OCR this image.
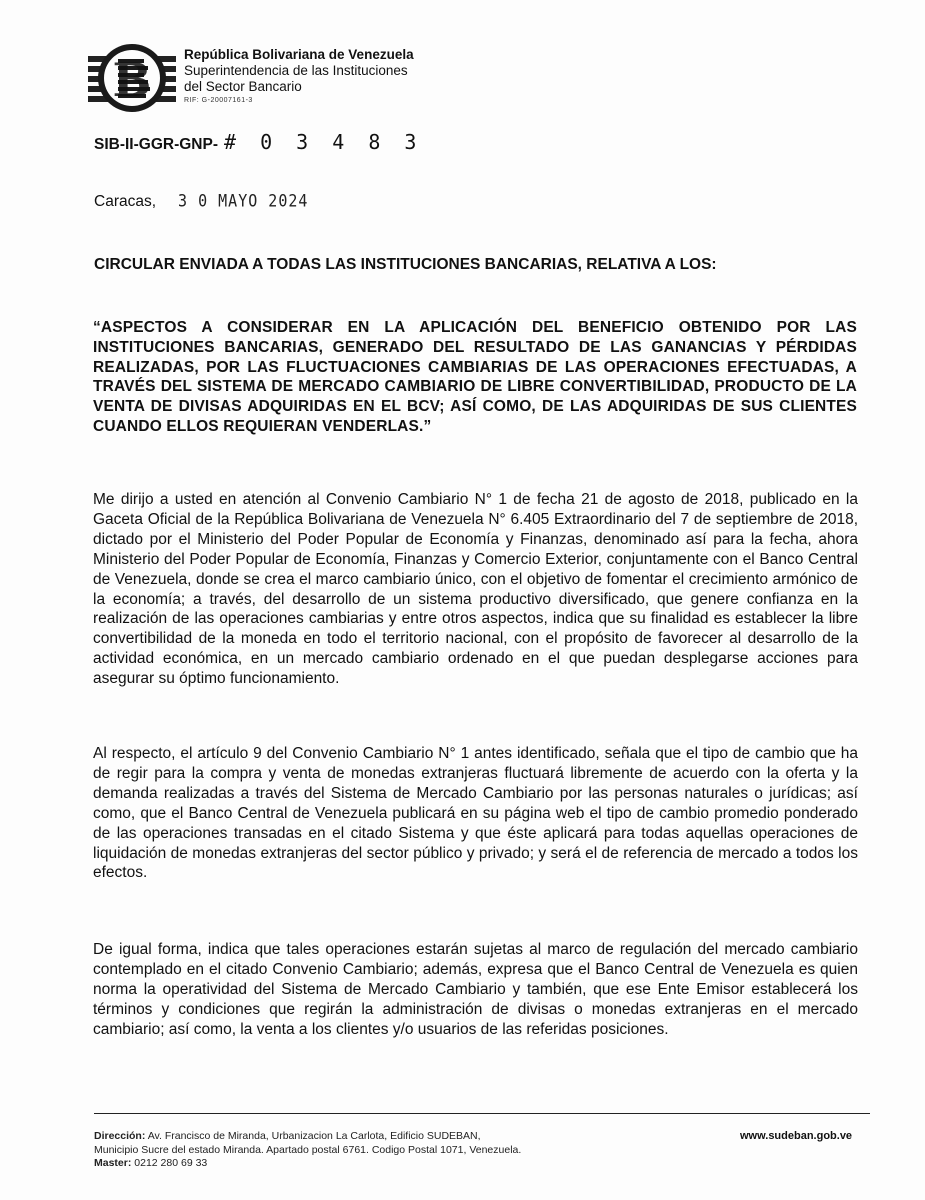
B República Bolivariana de Venezuela
Superintendencia de las Instituciones
del Sector Bancario
RIF: G-20007161-3
SIB-II-GGR-GNP- # 0 3 4 8 3
Caracas, 3 0 MAYO 2024
CIRCULAR ENVIADA A TODAS LAS INSTITUCIONES BANCARIAS, RELATIVA A LOS:
“ASPECTOS A CONSIDERAR EN LA APLICACIÓN DEL BENEFICIO OBTENIDO POR LAS INSTITUCIONES BANCARIAS, GENERADO DEL RESULTADO DE LAS GANANCIAS Y PÉRDIDAS REALIZADAS, POR LAS FLUCTUACIONES CAMBIARIAS DE LAS OPERACIONES EFECTUADAS, A TRAVÉS DEL SISTEMA DE MERCADO CAMBIARIO DE LIBRE CONVERTIBILIDAD, PRODUCTO DE LA VENTA DE DIVISAS ADQUIRIDAS EN EL BCV; ASÍ COMO, DE LAS ADQUIRIDAS DE SUS CLIENTES CUANDO ELLOS REQUIERAN VENDERLAS.”
Me dirijo a usted en atención al Convenio Cambiario N° 1 de fecha 21 de agosto de 2018, publicado en la Gaceta Oficial de la República Bolivariana de Venezuela N° 6.405 Extraordinario del 7 de septiembre de 2018, dictado por el Ministerio del Poder Popular de Economía y Finanzas, denominado así para la fecha, ahora Ministerio del Poder Popular de Economía, Finanzas y Comercio Exterior, conjuntamente con el Banco Central de Venezuela, donde se crea el marco cambiario único, con el objetivo de fomentar el crecimiento armónico de la economía; a través, del desarrollo de un sistema productivo diversificado, que genere confianza en la realización de las operaciones cambiarias y entre otros aspectos, indica que su finalidad es establecer la libre convertibilidad de la moneda en todo el territorio nacional, con el propósito de favorecer al desarrollo de la actividad económica, en un mercado cambiario ordenado en el que puedan desplegarse acciones para asegurar su óptimo funcionamiento.
Al respecto, el artículo 9 del Convenio Cambiario N° 1 antes identificado, señala que el tipo de cambio que ha de regir para la compra y venta de monedas extranjeras fluctuará libremente de acuerdo con la oferta y la demanda realizadas a través del Sistema de Mercado Cambiario por las personas naturales o jurídicas; así como, que el Banco Central de Venezuela publicará en su página web el tipo de cambio promedio ponderado de las operaciones transadas en el citado Sistema y que éste aplicará para todas aquellas operaciones de liquidación de monedas extranjeras del sector público y privado; y será el de referencia de mercado a todos los efectos.
De igual forma, indica que tales operaciones estarán sujetas al marco de regulación del mercado cambiario contemplado en el citado Convenio Cambiario; además, expresa que el Banco Central de Venezuela es quien norma la operatividad del Sistema de Mercado Cambiario y también, que ese Ente Emisor establecerá los términos y condiciones que regirán la administración de divisas o monedas extranjeras en el mercado cambiario; así como, la venta a los clientes y/o usuarios de las referidas posiciones.
Dirección: Av. Francisco de Miranda, Urbanizacion La Carlota, Edificio SUDEBAN,
Municipio Sucre del estado Miranda. Apartado postal 6761. Codigo Postal 1071, Venezuela.
Master: 0212 280 69 33
www.sudeban.gob.ve
